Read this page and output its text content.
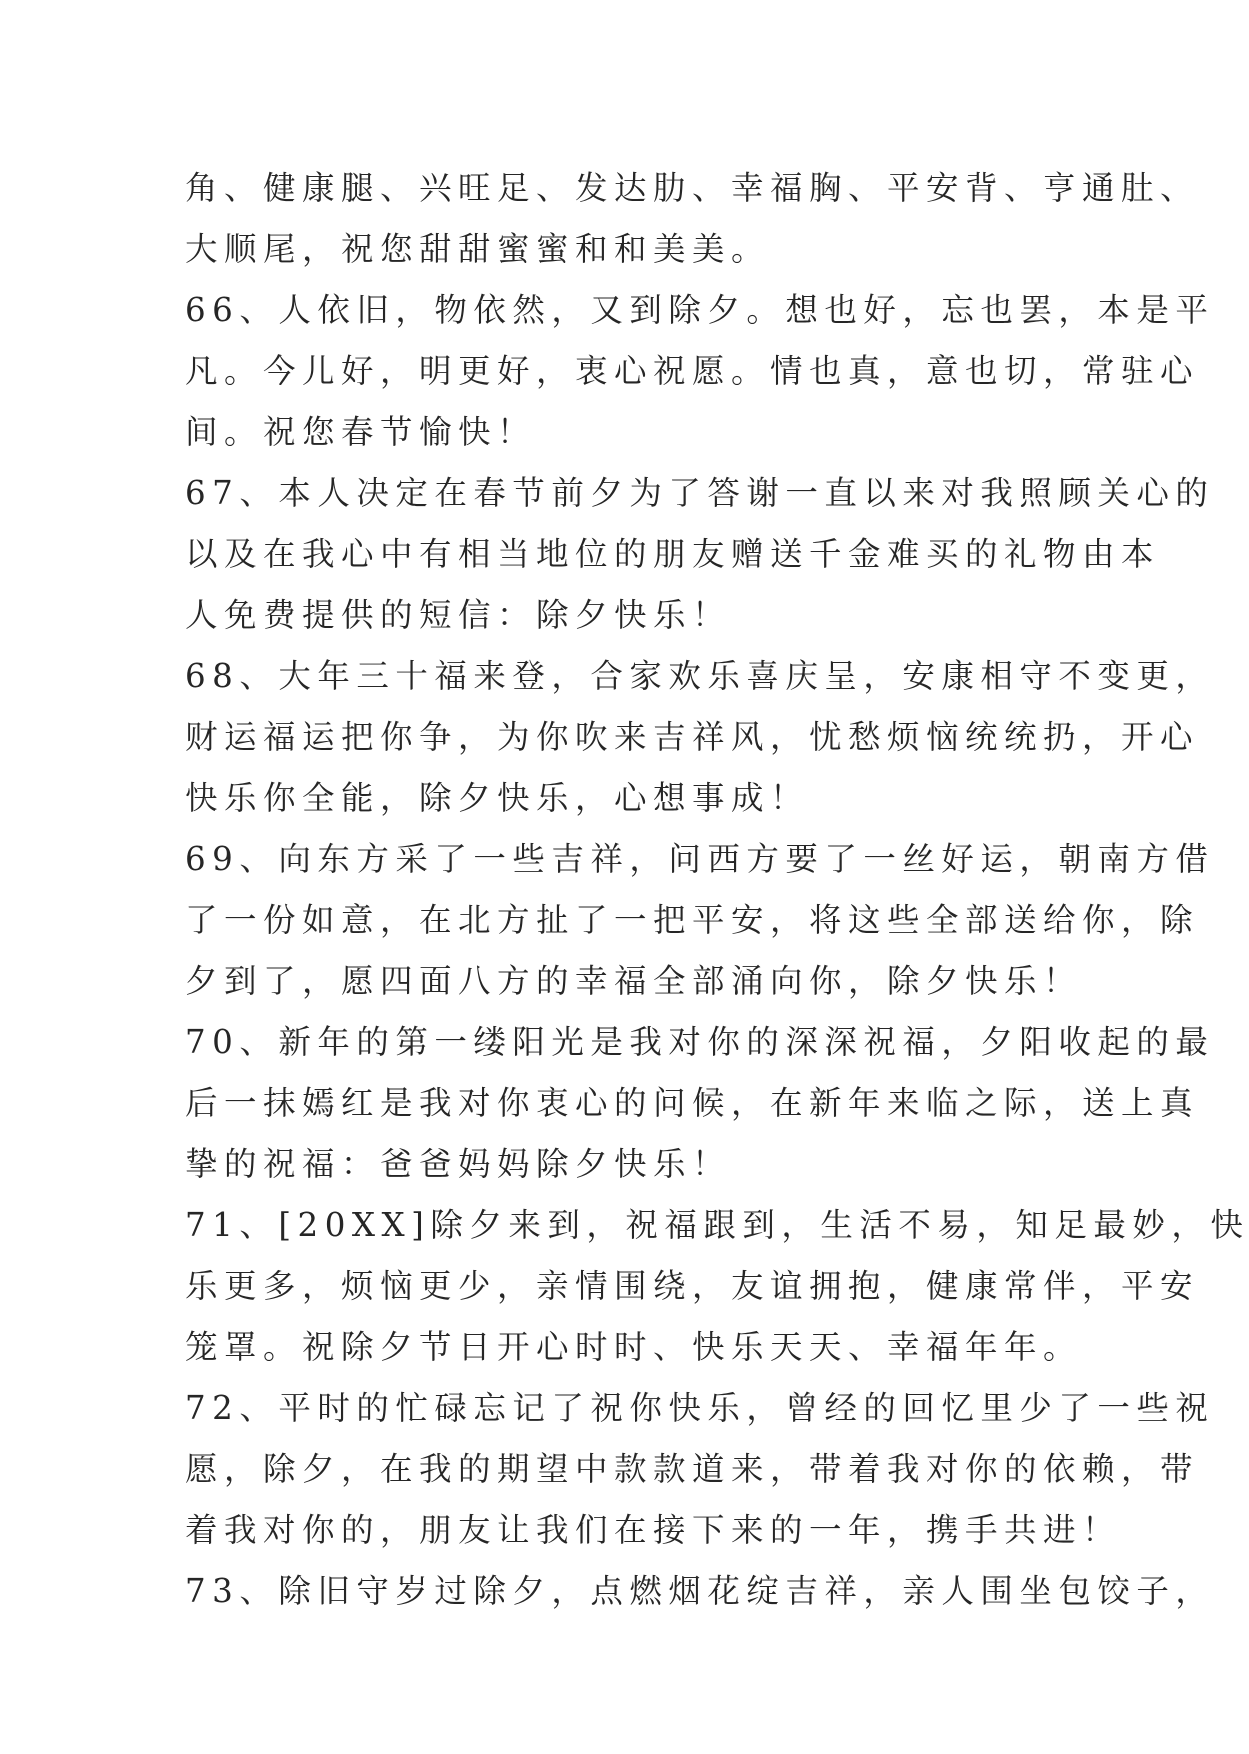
角、健康腿、兴旺足、发达肋、幸福胸、平安背、亨通肚、
大顺尾，祝您甜甜蜜蜜和和美美。
66、人依旧，物依然，又到除夕。想也好，忘也罢，本是平
凡。今儿好，明更好，衷心祝愿。情也真，意也切，常驻心
间。祝您春节愉快！
67、本人决定在春节前夕为了答谢一直以来对我照顾关心的
以及在我心中有相当地位的朋友赠送千金难买的礼物由本
人免费提供的短信：除夕快乐！
68、大年三十福来登，合家欢乐喜庆呈，安康相守不变更，
财运福运把你争，为你吹来吉祥风，忧愁烦恼统统扔，开心
快乐你全能，除夕快乐，心想事成！
69、向东方采了一些吉祥，问西方要了一丝好运，朝南方借
了一份如意，在北方扯了一把平安，将这些全部送给你，除
夕到了，愿四面八方的幸福全部涌向你，除夕快乐！
70、新年的第一缕阳光是我对你的深深祝福，夕阳收起的最
后一抹嫣红是我对你衷心的问候，在新年来临之际，送上真
挚的祝福：爸爸妈妈除夕快乐！
71、[20XX]除夕来到，祝福跟到，生活不易，知足最妙，快
乐更多，烦恼更少，亲情围绕，友谊拥抱，健康常伴，平安
笼罩。祝除夕节日开心时时、快乐天天、幸福年年。
72、平时的忙碌忘记了祝你快乐，曾经的回忆里少了一些祝
愿，除夕，在我的期望中款款道来，带着我对你的依赖，带
着我对你的，朋友让我们在接下来的一年，携手共进！
73、除旧守岁过除夕，点燃烟花绽吉祥，亲人围坐包饺子，
